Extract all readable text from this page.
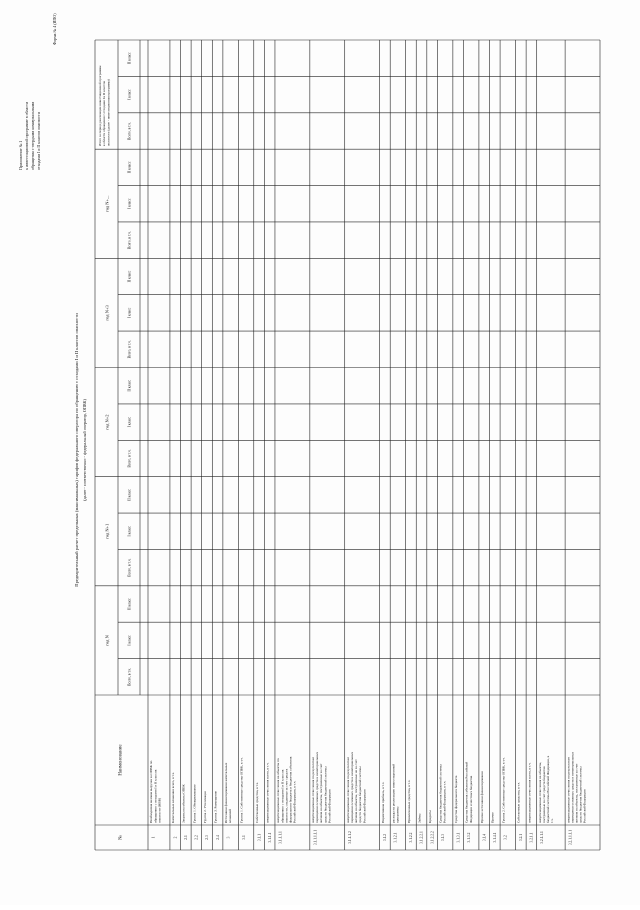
Приложение № 1 к инвестиционной программе в области обращения с твердыми коммунальными отходами I и II классов опасности
Форма № 4 (ИПО)
Предварительный расчет предельных (максимальных) тарифов федерального оператора по обращению с отходами I и II классов опасности (далее - соответственно - федеральный оператор, ОПВК)
№
Наименование
год N
Всего, в т.ч.
I класс
II класс
год N+1
Всего, в т.ч.
I класс
II класс
год N+2
Всего, в т.ч.
I класс
II класс
год N+3
Всего, в т.ч.
I класс
II класс
год N+...
Всего, в т.ч.
I класс
II класс
Итого за период реализации инвестиционной программыв области обращения с отходами I и II классовопасности (далее - инвестиционная программа)	Всего, в т.ч.
I класс
II класс
1
Необходимая валовая выручка за ОПВК пообращению с отходами I и II классовопасности (НВВ)
2
Капитальные вложения всего, в т.ч.
2.1
Затраты на объекты ОПВК
2.2
Группа 1. Обезвреживание
2.3
Группа 2. Утилизация
2.4
Группа 3. Размещение
3
Источники финансирования капитальныхвложений
3.1
Группа 1. Собственные средства ОПВК, в т.ч.
3.1.1
Собственные средства, в т.ч.
3.1.1.1
амортизационные отчисления всего, в т.ч.
3.1.1.1.1
амортизационные отчисления на объекты пообращению с отходами I и II классовопасности, созданные за счет средствфедерального бюджета и бюджетов субъектовРоссийской Федерации, в т.ч.
3.1.1.1.1.1
амортизационные отчисления по результатампереоценки основных средств и нематериальныхактивов на объекты, построенные за счетсредств бюджетов бюджетной системыРоссийской Федерации
3.1.1.1.2
амортизационные отчисления по результатампереоценки основных средств и нематериальныхактивов на объекты, построенные не за счетсредств бюджетов бюджетной системыРоссийской Федерации
3.1.2
Нормативная прибыль, в т.ч.
3.1.2.1
расходы на реализацию инвестиционнойпрограммы
3.1.2.2
Привлеченные средства, в т.ч.
3.1.2.2.1
Займы
3.1.2.2.2
Кредиты
3.1.3
Средства бюджетов бюджетной системыРоссийской Федерации, в т.ч.
3.1.3.1
Средства федерального бюджета
3.1.3.2
Средства бюджетов субъектов РоссийскойФедерации и местных бюджетов
3.1.4
Прочие источники финансирования
3.1.4.1
Прочие
3.2
Группа 2. Собственные средства ОПВК, в т.ч.
3.2.1
Собственные средства, в т.ч.
3.2.1.1
амортизационные отчисления всего, в т.ч.
3.2.1.1.1
амортизационные отчисления на объекты,построенные за счет средств бюджетовбюджетной системы Российской Федерации, вт.ч.
3.2.1.1.1.1
амортизационные отчисления по результатампереоценки основных средств и нематериальныхактивов на объекты, построенные за счетсредств бюджетов бюджетной системыРоссийской Федерации
